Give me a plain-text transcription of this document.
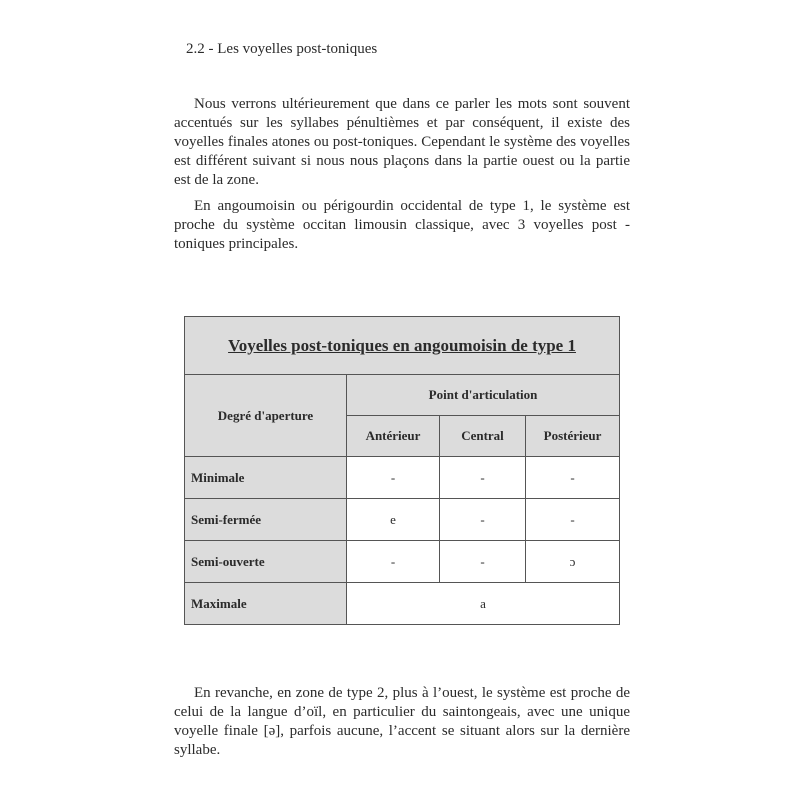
2.2 - Les voyelles post-toniques

Nous verrons ultérieurement que dans ce parler les mots sont souvent accentués sur les syllabes pénultièmes et par conséquent, il existe des voyelles finales atones ou post-toniques. Cependant le système des voyelles est différent suivant si nous nous plaçons dans la partie ouest ou la partie est de la zone.

En angoumoisin ou périgourdin occidental de type 1, le système est proche du système occitan limousin classique, avec 3 voyelles post - toniques principales.

Voyelles post-toniques en angoumoisin de type 1			
Degré d'aperture	Point d'articulation		
	Antérieur	Central	Postérieur
Minimale	-	-	-
Semi-fermée	e	-	-
Semi-ouverte	-	-	ɔ
Maximale	a		

En revanche, en zone de type 2, plus à l’ouest, le système est proche de celui de la langue d’oïl, en particulier du saintongeais, avec une unique voyelle finale [ə], parfois aucune, l’accent se situant alors sur la dernière syllabe.
